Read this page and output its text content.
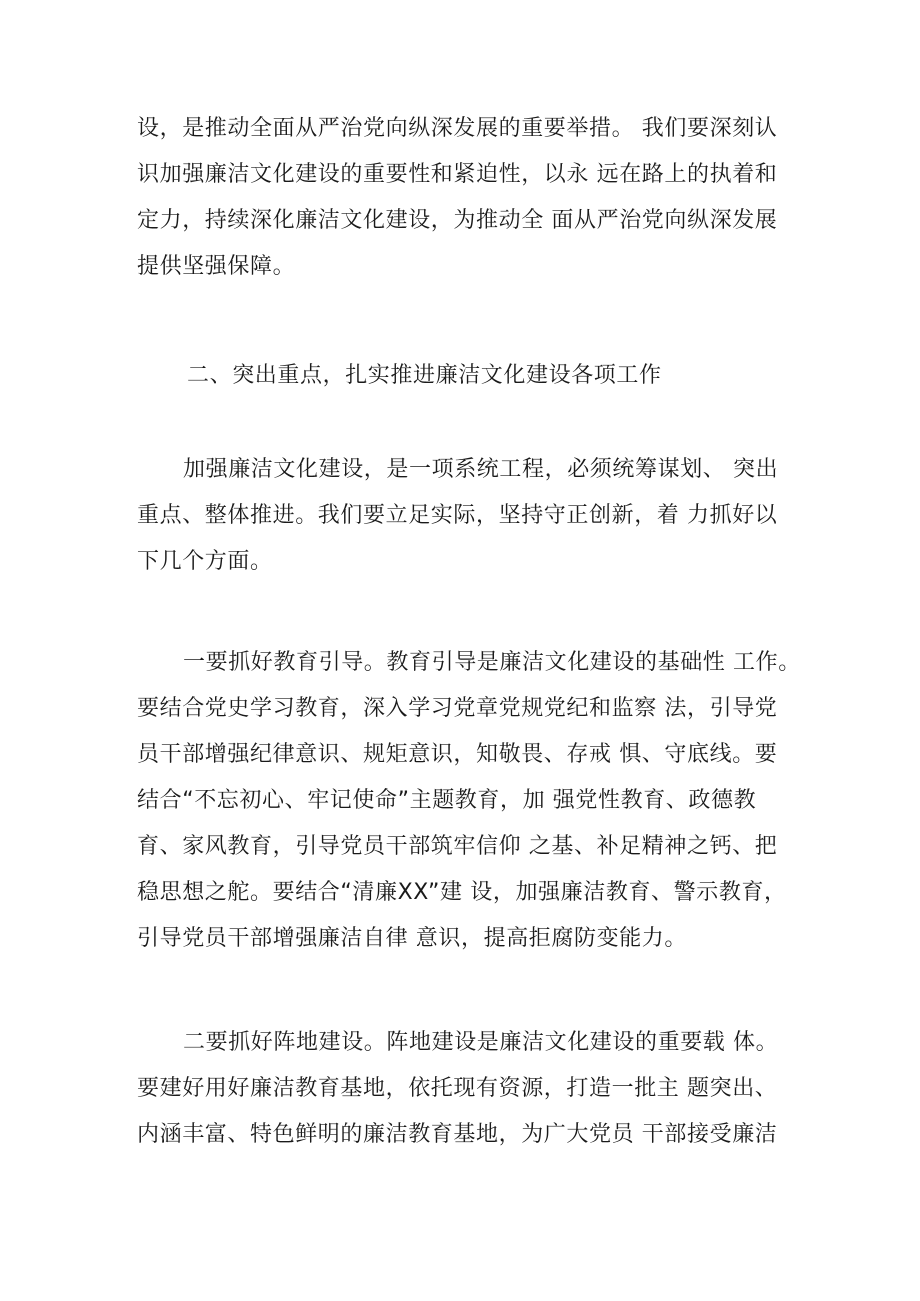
设，是推动全面从严治党向纵深发展的重要举措。 我们要深刻认
识加强廉洁文化建设的重要性和紧迫性，以永 远在路上的执着和
定力，持续深化廉洁文化建设，为推动全 面从严治党向纵深发展
提供坚强保障。
二、突出重点，扎实推进廉洁文化建设各项工作
加强廉洁文化建设，是一项系统工程，必须统筹谋划、 突出
重点、整体推进。我们要立足实际，坚持守正创新，着 力抓好以
下几个方面。
一要抓好教育引导。教育引导是廉洁文化建设的基础性 工作。
要结合党史学习教育，深入学习党章党规党纪和监察 法，引导党
员干部增强纪律意识、规矩意识，知敬畏、存戒 惧、守底线。要
结合“不忘初心、牢记使命”主题教育，加 强党性教育、政德教
育、家风教育，引导党员干部筑牢信仰 之基、补足精神之钙、把
稳思想之舵。要结合“清廉XX”建 设，加强廉洁教育、警示教育，
引导党员干部增强廉洁自律 意识，提高拒腐防变能力。
二要抓好阵地建设。阵地建设是廉洁文化建设的重要载 体。
要建好用好廉洁教育基地，依托现有资源，打造一批主 题突出、
内涵丰富、特色鲜明的廉洁教育基地，为广大党员 干部接受廉洁
